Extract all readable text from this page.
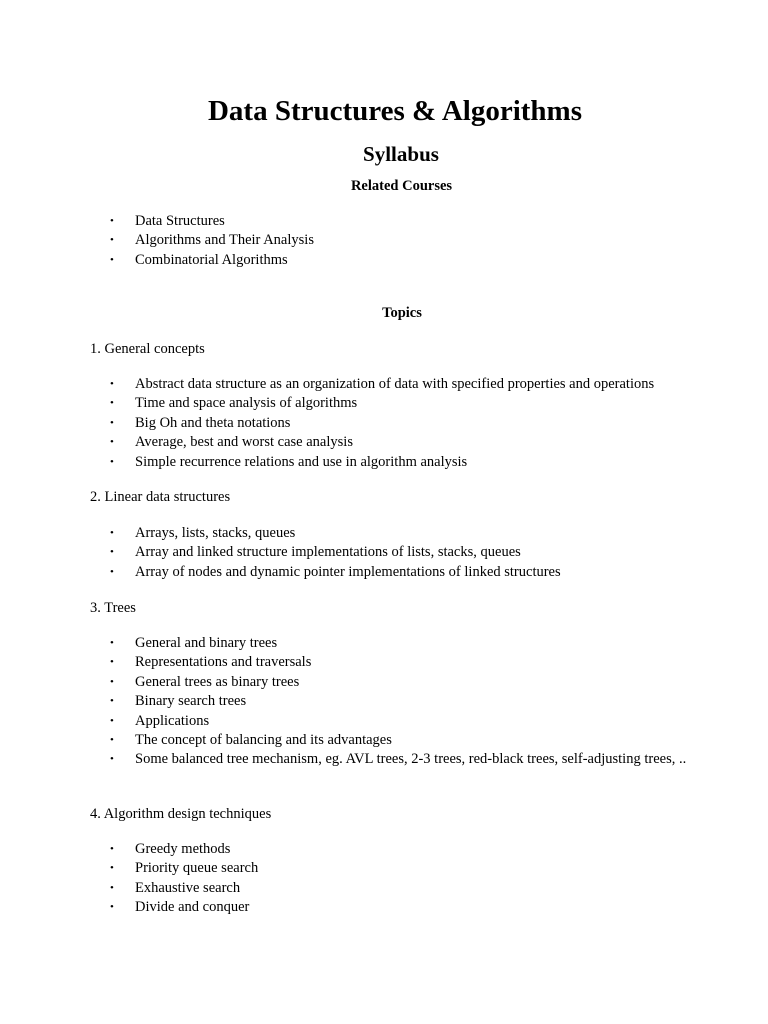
Data Structures & Algorithms
Syllabus
Related Courses
• Data Structures
• Algorithms and Their Analysis
• Combinatorial Algorithms
Topics

1. General concepts

• Abstract data structure as an organization of data with specified properties and operations
• Time and space analysis of algorithms
• Big Oh and theta notations
• Average, best and worst case analysis
• Simple recurrence relations and use in algorithm analysis

2. Linear data structures

• Arrays, lists, stacks, queues
• Array and linked structure implementations of lists, stacks, queues
• Array of nodes and dynamic pointer implementations of linked structures

3. Trees

• General and binary trees
• Representations and traversals
• General trees as binary trees
• Binary search trees
• Applications
• The concept of balancing and its advantages
• Some balanced tree mechanism, eg. AVL trees, 2-3 trees, red-black trees, self-adjusting trees, ..

4. Algorithm design techniques

• Greedy methods
• Priority queue search
• Exhaustive search
• Divide and conquer
